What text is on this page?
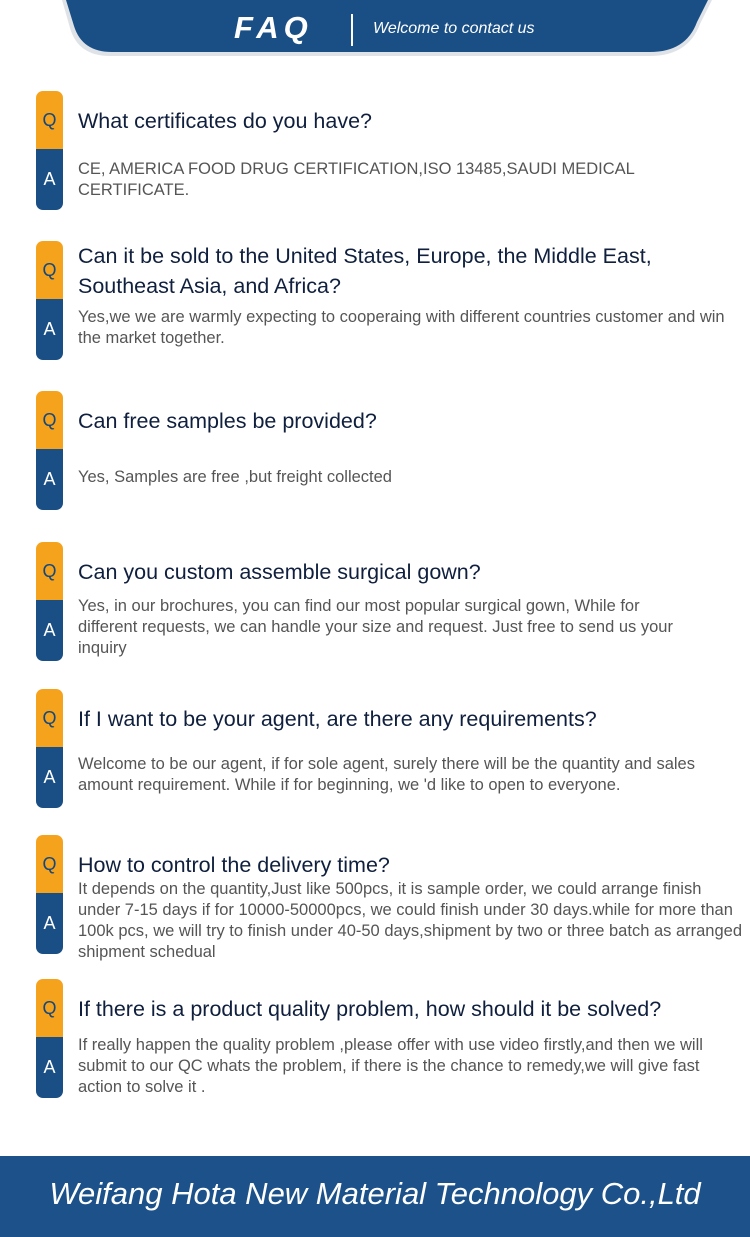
FAQ	Welcome to contact us
Q
A
What certificates do you have?
CE, AMERICA FOOD DRUG CERTIFICATION,ISO 13485,SAUDI MEDICAL CERTIFICATE.
Q
A
Can it be sold to the United States, Europe, the Middle East, Southeast Asia, and Africa?
Yes,we we are warmly expecting to cooperaing with different countries customer and win the market together.
Q
A
Can free samples be provided?
Yes, Samples are free ,but freight collected
Q
A
Can you custom assemble surgical gown?
Yes, in our brochures, you can find our most popular surgical gown, While for different requests, we can handle your size and request. Just free to send us your inquiry
Q
A
If I want to be your agent, are there any requirements?
Welcome to be our agent, if for sole agent, surely there will be the quantity and sales amount requirement. While if for beginning, we 'd like to open to everyone.
Q
A
How to control the delivery time?
It depends on the quantity,Just like 500pcs, it is sample order, we could arrange finish under 7-15 days if for 10000-50000pcs, we could finish under 30 days.while for more than 100k pcs, we will try to finish under 40-50 days,shipment by two or three batch as arranged shipment schedual
Q
A
If there is a product quality problem, how should it be solved?
If really happen the quality problem ,please offer with use video firstly,and then we will submit to our QC whats the problem, if there is the chance to remedy,we will give fast action to solve it .
Weifang Hota New Material Technology Co.,Ltd
